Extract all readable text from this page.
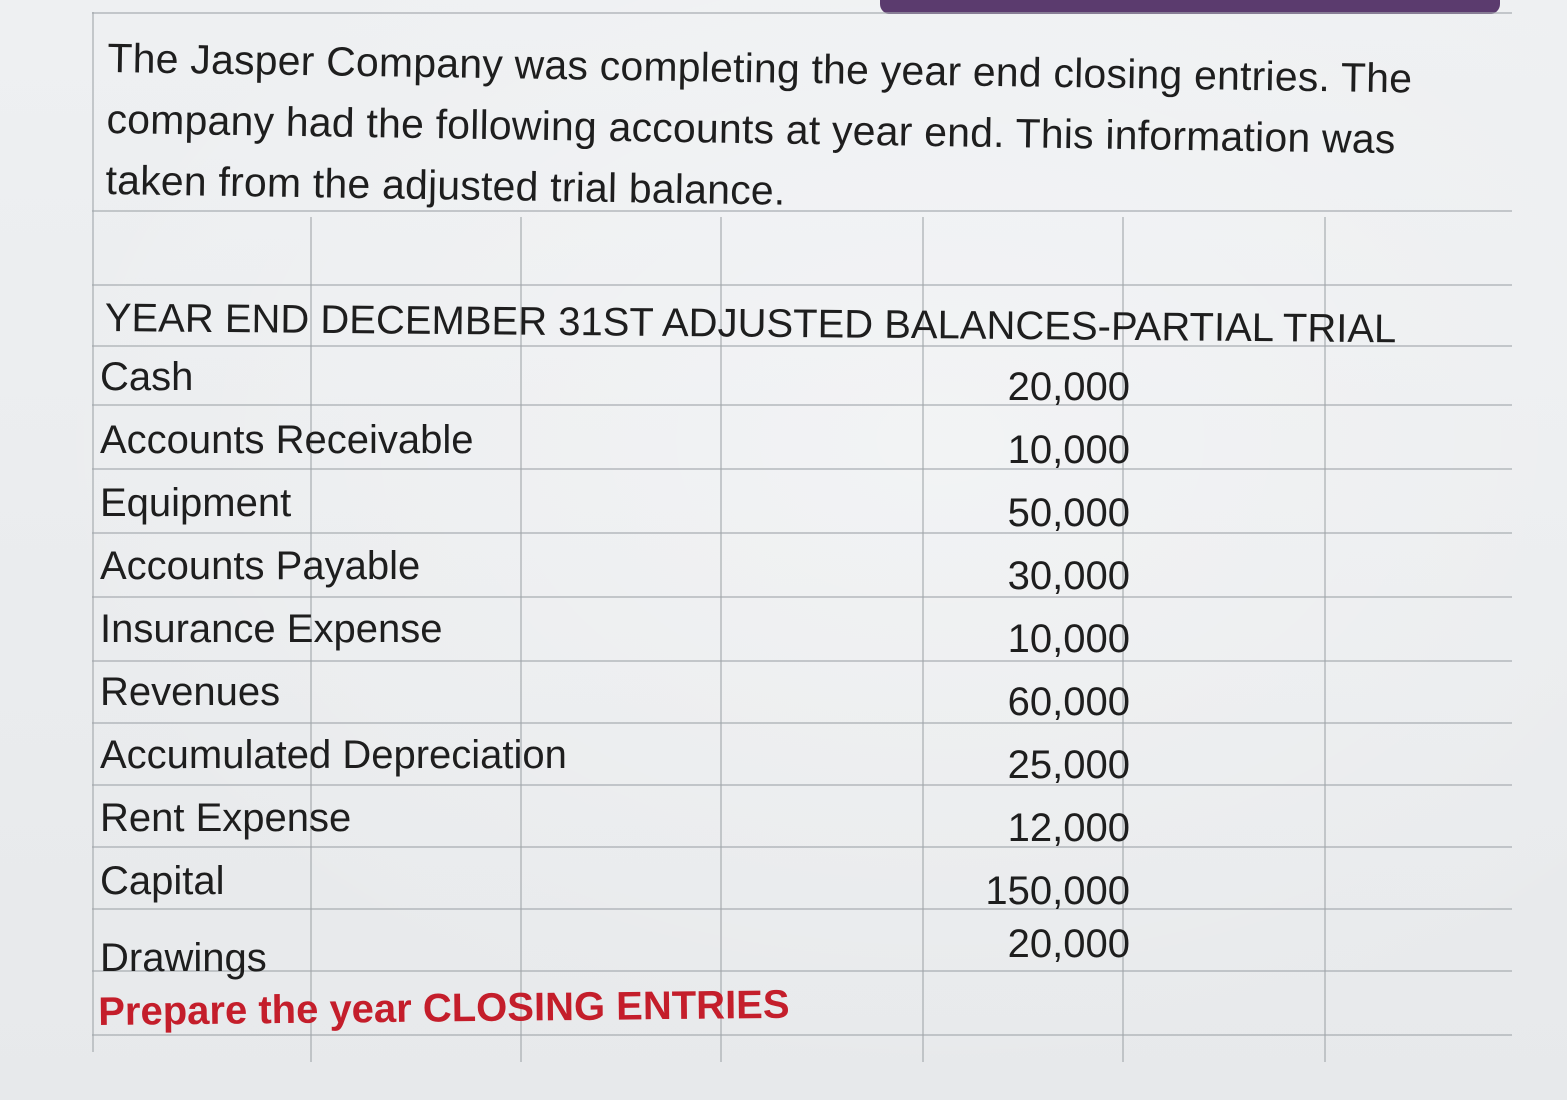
The Jasper Company was completing the year end closing entries. The company had the following accounts at year end. This information was taken from the adjusted trial balance.
YEAR END DECEMBER 31ST ADJUSTED BALANCES-PARTIAL TRIAL
Cash	20,000
Accounts Receivable	10,000
Equipment	50,000
Accounts Payable	30,000
Insurance Expense	10,000
Revenues	60,000
Accumulated Depreciation	25,000
Rent Expense	12,000
Capital	150,000
Drawings	20,000
Prepare the year CLOSING ENTRIES
